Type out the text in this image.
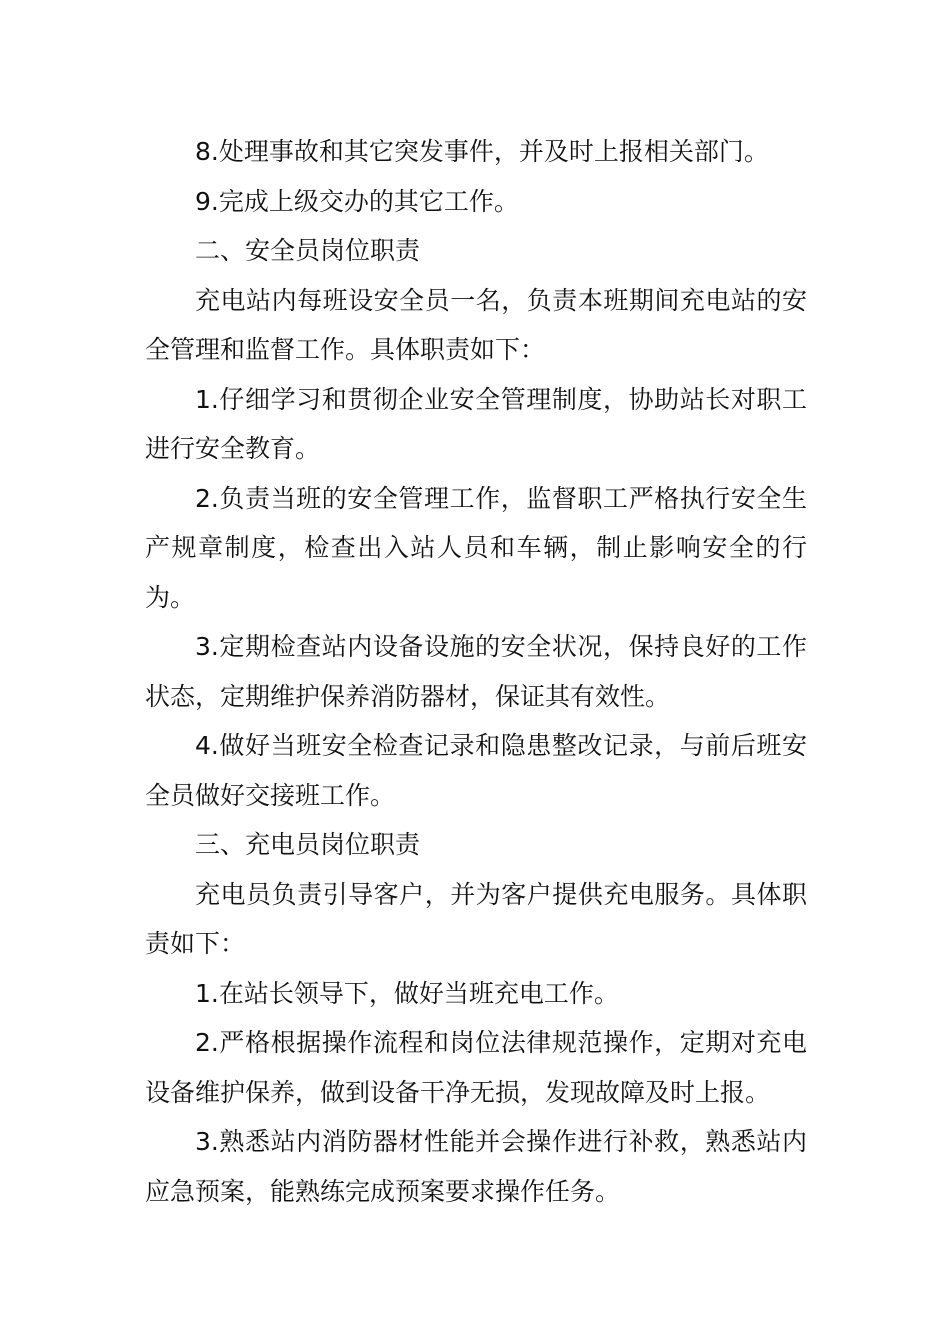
8.处理事故和其它突发事件，并及时上报相关部门。

9.完成上级交办的其它工作。

二、安全员岗位职责

充电站内每班设安全员一名，负责本班期间充电站的安全管理和监督工作。具体职责如下：

1.仔细学习和贯彻企业安全管理制度，协助站长对职工进行安全教育。

2.负责当班的安全管理工作，监督职工严格执行安全生产规章制度，检查出入站人员和车辆，制止影响安全的行为。

3.定期检查站内设备设施的安全状况，保持良好的工作状态，定期维护保养消防器材，保证其有效性。

4.做好当班安全检查记录和隐患整改记录，与前后班安全员做好交接班工作。

三、充电员岗位职责

充电员负责引导客户，并为客户提供充电服务。具体职责如下：

1.在站长领导下，做好当班充电工作。

2.严格根据操作流程和岗位法律规范操作，定期对充电设备维护保养，做到设备干净无损，发现故障及时上报。

3.熟悉站内消防器材性能并会操作进行补救，熟悉站内应急预案，能熟练完成预案要求操作任务。
